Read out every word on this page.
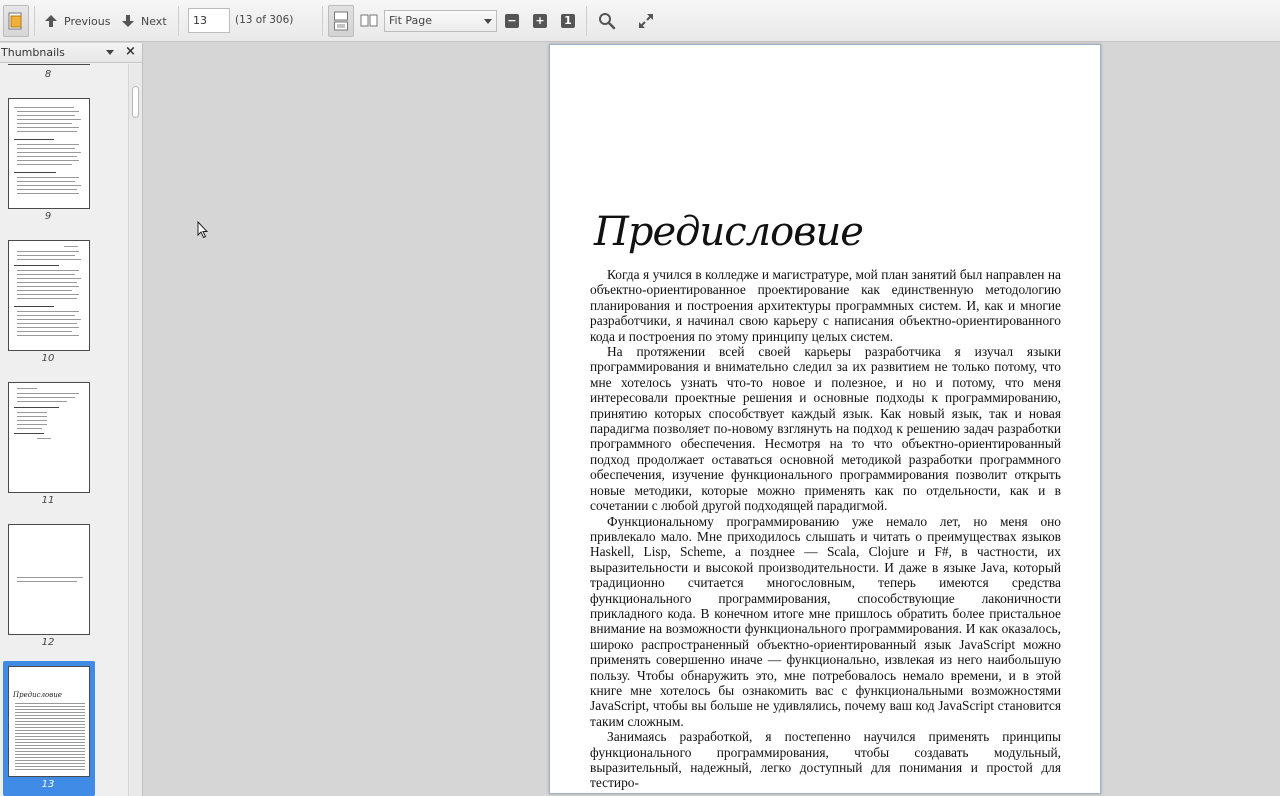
Previous	Next
13	(13 of 306)	Fit Page	− + 1
Thumbnails	×
8
9
10
11
12
Предисловие
13
Предисловие

Когда я учился в колледже и магистратуре, мой план занятий был направлен на объектно-ориентированное проектирование как единственную методологию планирования и построения архитектуры программных систем. И, как и многие разработчики, я начинал свою карьеру с написания объектно-ориентированного кода и построения по этому принципу целых систем.

На протяжении всей своей карьеры разработчика я изучал языки программирования и внимательно следил за их развитием не только потому, что мне хотелось узнать что-то новое и полезное, и но и потому, что меня интересовали проектные решения и основные подходы к программированию, принятию которых способствует каждый язык. Как новый язык, так и новая парадигма позволяет по-новому взглянуть на подход к решению задач разработки программного обеспечения. Несмотря на то что объектно-ориентированный подход продолжает оставаться основной методикой разработки программного обеспечения, изучение функционального программирования позволит открыть новые методики, которые можно применять как по отдельности, как и в сочетании с любой другой подходящей парадигмой.

Функциональному программированию уже немало лет, но меня оно привлекало мало. Мне приходилось слышать и читать о преимуществах языков Haskell, Lisp, Scheme, а позднее — Scala, Clojure и F#, в частности, их выразительности и высокой производительности. И даже в языке Java, который традиционно считается многословным, теперь имеются средства функционального программирования, способствующие лаконичности прикладного кода. В конечном итоге мне пришлось обратить более пристальное внимание на возможности функционального программирования. И как оказалось, широко распространенный объектно-ориентированный язык JavaScript можно применять совершенно иначе — функционально, извлекая из него наибольшую пользу. Чтобы обнаружить это, мне потребовалось немало времени, и в этой книге мне хотелось бы ознакомить вас с функциональными возможностями JavaScript, чтобы вы больше не удивлялись, почему ваш код JavaScript становится таким сложным.

Занимаясь разработкой, я постепенно научился применять принципы функционального программирования, чтобы создавать модульный, выразительный, надежный, легко доступный для понимания и простой для тестиро-
